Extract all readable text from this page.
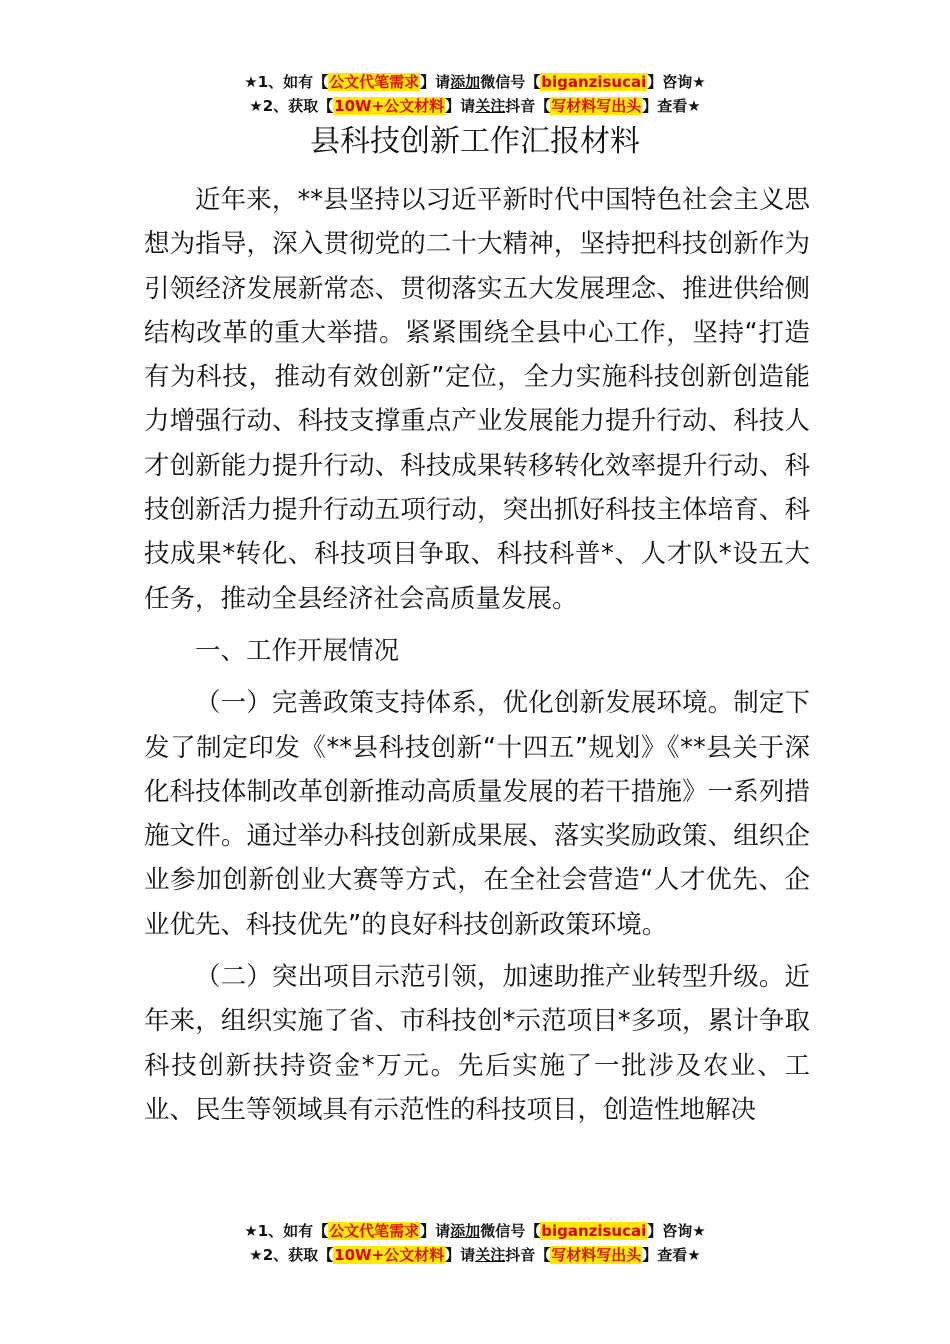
★1、如有【公文代笔需求】请添加微信号【biganzisucai】咨询★
★2、获取【10W+公文材料】请关注抖音【写材料写出头】查看★
县科技创新工作汇报材料

近年来，**县坚持以习近平新时代中国特色社会主义思想为指导，深入贯彻党的二十大精神，坚持把科技创新作为引领经济发展新常态、贯彻落实五大发展理念、推进供给侧结构改革的重大举措。紧紧围绕全县中心工作，坚持“打造有为科技，推动有效创新”定位，全力实施科技创新创造能力增强行动、科技支撑重点产业发展能力提升行动、科技人才创新能力提升行动、科技成果转移转化效率提升行动、科技创新活力提升行动五项行动，突出抓好科技主体培育、科技成果*转化、科技项目争取、科技科普*、人才队*设五大任务，推动全县经济社会高质量发展。

一、工作开展情况

（一）完善政策支持体系，优化创新发展环境。制定下发了制定印发《**县科技创新“十四五”规划》《**县关于深化科技体制改革创新推动高质量发展的若干措施》一系列措施文件。通过举办科技创新成果展、落实奖励政策、组织企业参加创新创业大赛等方式，在全社会营造“人才优先、企业优先、科技优先”的良好科技创新政策环境。

（二）突出项目示范引领，加速助推产业转型升级。近年来，组织实施了省、市科技创*示范项目*多项，累计争取科技创新扶持资金*万元。先后实施了一批涉及农业、工业、民生等领域具有示范性的科技项目，创造性地解决

★1、如有【公文代笔需求】请添加微信号【biganzisucai】咨询★
★2、获取【10W+公文材料】请关注抖音【写材料写出头】查看★
